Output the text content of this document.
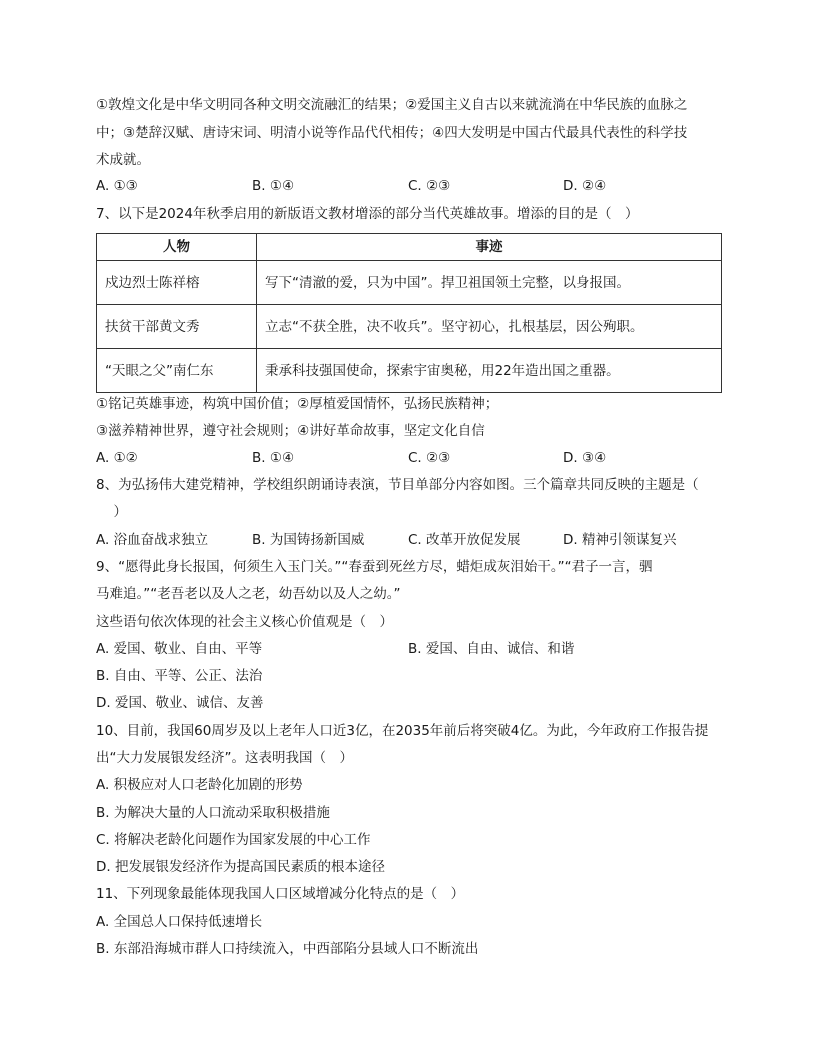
①敦煌文化是中华文明同各种文明交流融汇的结果；②爱国主义自古以来就流淌在中华民族的血脉之
中；③楚辞汉赋、唐诗宋词、明清小说等作品代代相传；④四大发明是中国古代最具代表性的科学技
术成就。
A. ①③	B. ①④	C. ②③	D. ②④
7、以下是2024年秋季启用的新版语文教材增添的部分当代英雄故事。增添的目的是（　）
人物	事迹
戍边烈士陈祥榕	写下“清澈的爱，只为中国”。捍卫祖国领土完整，以身报国。
扶贫干部黄文秀	立志“不获全胜，决不收兵”。坚守初心，扎根基层，因公殉职。
“天眼之父”南仁东	秉承科技强国使命，探索宇宙奥秘，用22年造出国之重器。
①铭记英雄事迹，构筑中国价值；②厚植爱国情怀，弘扬民族精神；
③滋养精神世界，遵守社会规则；④讲好革命故事，坚定文化自信
A. ①②	B. ①④	C. ②③	D. ③④
8、为弘扬伟大建党精神，学校组织朗诵诗表演，节目单部分内容如图。三个篇章共同反映的主题是（
　）
A. 浴血奋战求独立	B. 为国铸扬新国威	C. 改革开放促发展	D. 精神引领谋复兴
9、“愿得此身长报国，何须生入玉门关。”“春蚕到死丝方尽，蜡炬成灰泪始干。”“君子一言，驷
马难追。”“老吾老以及人之老，幼吾幼以及人之幼。”
这些语句依次体现的社会主义核心价值观是（　）
A. 爱国、敬业、自由、平等	B. 爱国、自由、诚信、和谐
B. 自由、平等、公正、法治
D. 爱国、敬业、诚信、友善
10、目前，我国60周岁及以上老年人口近3亿，在2035年前后将突破4亿。为此，今年政府工作报告提
出“大力发展银发经济”。这表明我国（　）
A. 积极应对人口老龄化加剧的形势
B. 为解决大量的人口流动采取积极措施
C. 将解决老龄化问题作为国家发展的中心工作
D. 把发展银发经济作为提高国民素质的根本途径
11、下列现象最能体现我国人口区域增减分化特点的是（　）
A. 全国总人口保持低速增长
B. 东部沿海城市群人口持续流入，中西部陷分县域人口不断流出
